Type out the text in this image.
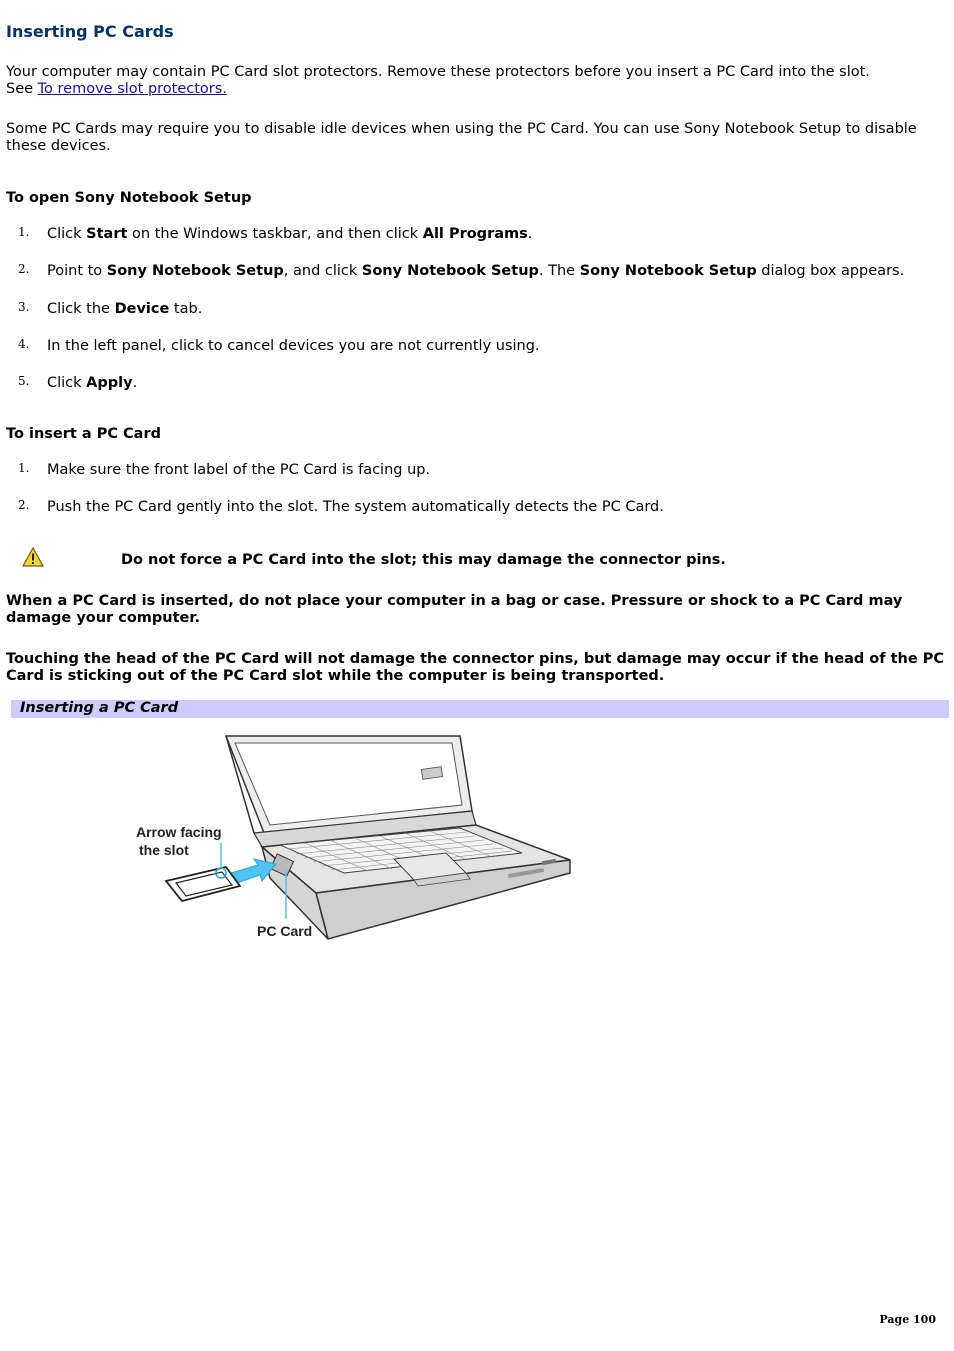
Inserting PC Cards

Your computer may contain PC Card slot protectors. Remove these protectors before you insert a PC Card into the slot.
See To remove slot protectors.

Some PC Cards may require you to disable idle devices when using the PC Card. You can use Sony Notebook Setup to disable these devices.

To open Sony Notebook Setup
1. Click Start on the Windows taskbar, and then click All Programs.
2. Point to Sony Notebook Setup, and click Sony Notebook Setup. The Sony Notebook Setup dialog box appears.
3. Click the Device tab.
4. In the left panel, click to cancel devices you are not currently using.
5. Click Apply.
To insert a PC Card
1. Make sure the front label of the PC Card is facing up.
2. Push the PC Card gently into the slot. The system automatically detects the PC Card.
Do not force a PC Card into the slot; this may damage the connector pins.

When a PC Card is inserted, do not place your computer in a bag or case. Pressure or shock to a PC Card may damage your computer.

Touching the head of the PC Card will not damage the connector pins, but damage may occur if the head of the PC Card is sticking out of the PC Card slot while the computer is being transported.

Inserting a PC Card
Arrow facing
the slot
PC Card
Page 100
